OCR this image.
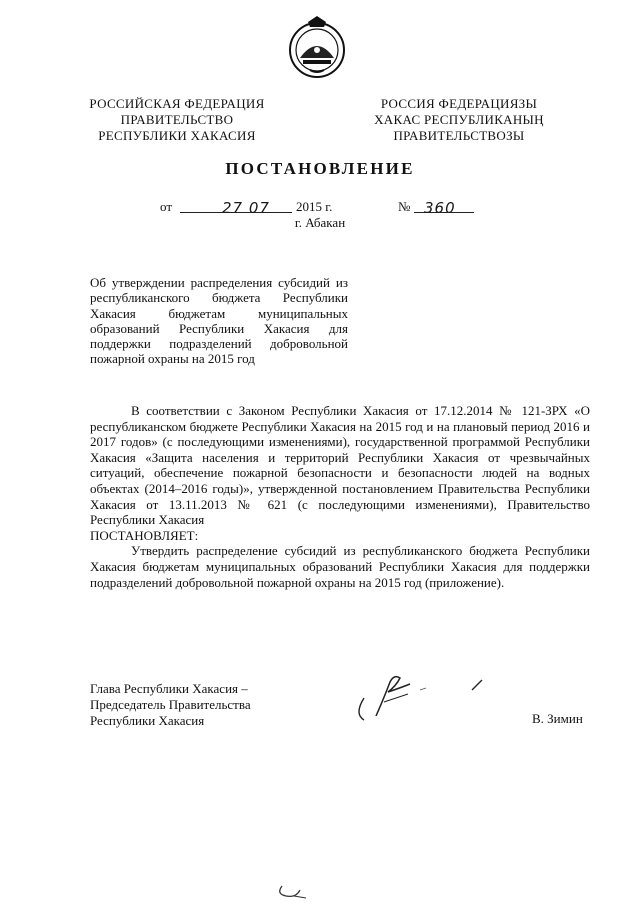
РОССИЙСКАЯ ФЕДЕРАЦИЯ
ПРАВИТЕЛЬСТВО
РЕСПУБЛИКИ ХАКАСИЯ
РОССИЯ ФЕДЕРАЦИЯЗЫ
ХАКАС РЕСПУБЛИКАНЫҢ
ПРАВИТЕЛЬСТВОЗЫ
ПОСТАНОВЛЕНИЕ
от	27 07 2015 г.	№ 360
г. Абакан
Об утверждении распределения субсидий из республиканского бюджета Республики Хакасия бюджетам муниципальных образований Республики Хакасия для поддержки подразделений добровольной пожарной охраны на 2015 год

В соответствии с Законом Республики Хакасия от 17.12.2014 № 121-ЗРХ «О республиканском бюджете Республики Хакасия на 2015 год и на плановый период 2016 и 2017 годов» (с последующими изменениями), государственной программой Республики Хакасия «Защита населения и территорий Республики Хакасия от чрезвычайных ситуаций, обеспечение пожарной безопасности и безопасности людей на водных объектах (2014–2016 годы)», утвержденной постановлением Правительства Республики Хакасия от 13.11.2013 № 621 (с последующими изменениями), Правительство Республики Хакасия

ПОСТАНОВЛЯЕТ:

Утвердить распределение субсидий из республиканского бюджета Республики Хакасия бюджетам муниципальных образований Республики Хакасия для поддержки подразделений добровольной пожарной охраны на 2015 год (приложение).

Глава Республики Хакасия –
Председатель Правительства
Республики Хакасия	В. Зимин
